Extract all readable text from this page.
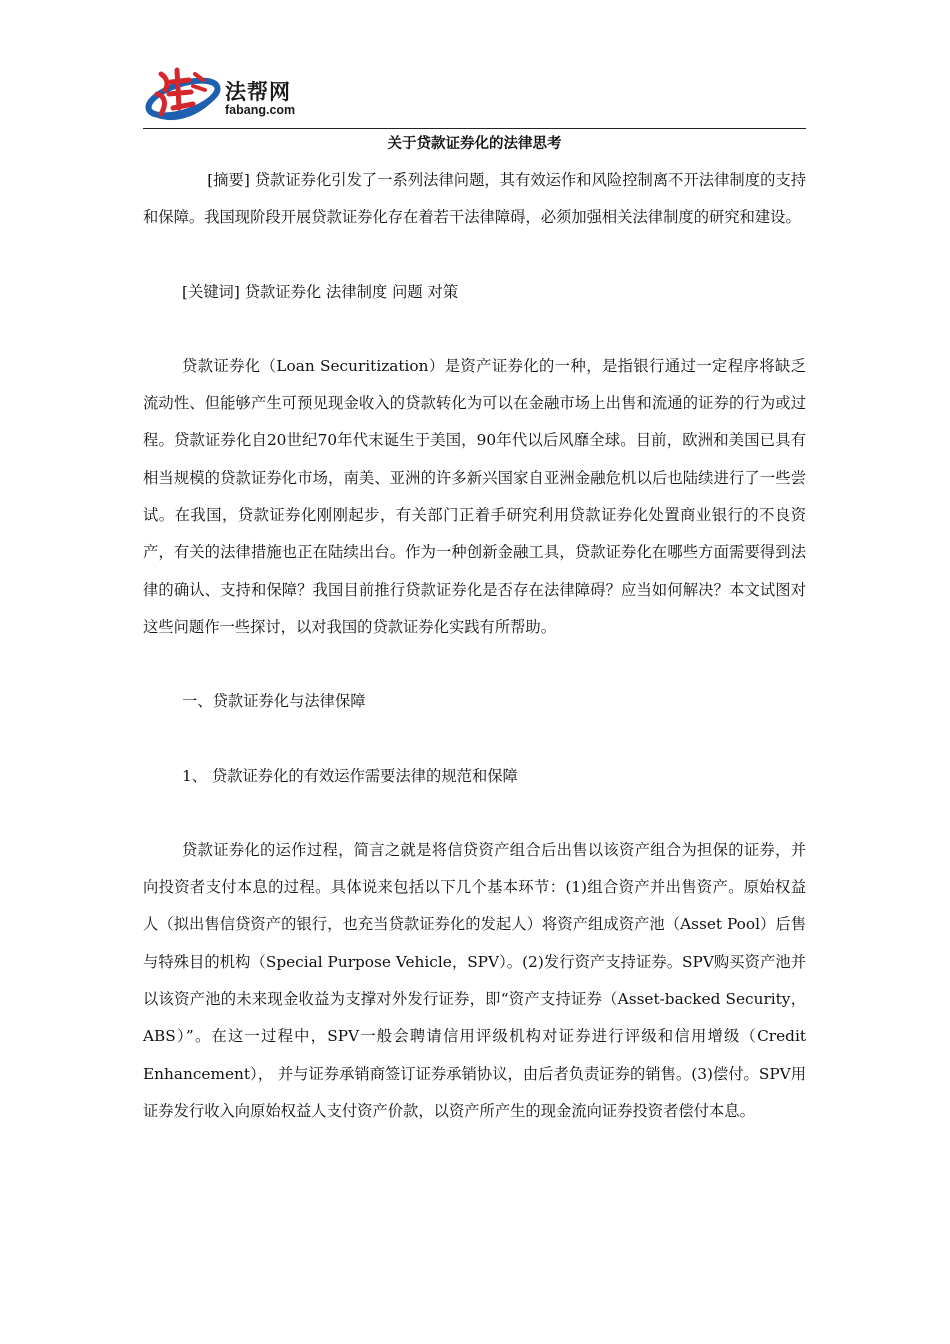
法帮网
fabang.com
关于贷款证券化的法律思考

[摘要] 贷款证券化引发了一系列法律问题，其有效运作和风险控制离不开法律制度的支持和保障。我国现阶段开展贷款证券化存在着若干法律障碍，必须加强相关法律制度的研究和建设。

[关键词] 贷款证券化 法律制度 问题 对策

贷款证券化（Loan Securitization）是资产证券化的一种，是指银行通过一定程序将缺乏流动性、但能够产生可预见现金收入的贷款转化为可以在金融市场上出售和流通的证券的行为或过程。贷款证券化自20世纪70年代末诞生于美国，90年代以后风靡全球。目前，欧洲和美国已具有相当规模的贷款证券化市场，南美、亚洲的许多新兴国家自亚洲金融危机以后也陆续进行了一些尝试。在我国，贷款证券化刚刚起步，有关部门正着手研究利用贷款证券化处置商业银行的不良资产，有关的法律措施也正在陆续出台。作为一种创新金融工具，贷款证券化在哪些方面需要得到法律的确认、支持和保障？我国目前推行贷款证券化是否存在法律障碍？应当如何解决？本文试图对这些问题作一些探讨，以对我国的贷款证券化实践有所帮助。

一、贷款证券化与法律保障

1、 贷款证券化的有效运作需要法律的规范和保障

贷款证券化的运作过程，简言之就是将信贷资产组合后出售以该资产组合为担保的证券，并向投资者支付本息的过程。具体说来包括以下几个基本环节：(1)组合资产并出售资产。原始权益人（拟出售信贷资产的银行，也充当贷款证券化的发起人）将资产组成资产池（Asset Pool）后售与特殊目的机构（Special Purpose Vehicle，SPV）。(2)发行资产支持证券。SPV购买资产池并以该资产池的未来现金收益为支撑对外发行证券，即“资产支持证券（Asset-backed Security，ABS）”。在这一过程中，SPV一般会聘请信用评级机构对证券进行评级和信用增级（Credit Enhancement）， 并与证券承销商签订证券承销协议，由后者负责证券的销售。(3)偿付。SPV用证券发行收入向原始权益人支付资产价款，以资产所产生的现金流向证券投资者偿付本息。
